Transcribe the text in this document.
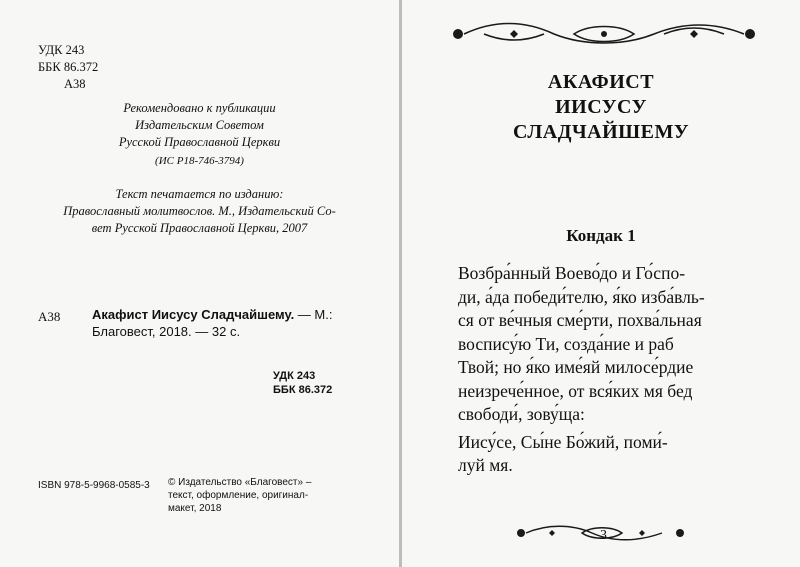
УДК 243
ББК 86.372
А38
Рекомендовано к публикации
Издательским Советом
Русской Православной Церкви
(ИС Р18-746-3794)
Текст печатается по изданию:
Православный молитвослов. М., Издательский Со-
вет Русской Православной Церкви, 2007
А38 Акафист Иисусу Сладчайшему. — М.:
Благовест, 2018. — 32 с.
УДК 243
ББК 86.372
ISBN 978-5-9968-0585-3 © Издательство «Благовест» –
текст, оформление, оригинал-
макет, 2018
АКАФИСТ
ИИСУСУ
СЛАДЧАЙШЕМУ
Кондак 1
Возбра́нный Воево́до и Го́спо-
ди, а́да победи́телю, я́ко изба́вль-
ся от ве́чныя сме́рти, похва́льная
воспису́ю Ти, созда́ние и раб
Твой; но я́ко име́яй милосе́рдие
неизрече́нное, от вся́ких мя бед
свободи́, зову́ща:
Иису́се, Сы́не Бо́жий, поми́-
луй мя.
3
